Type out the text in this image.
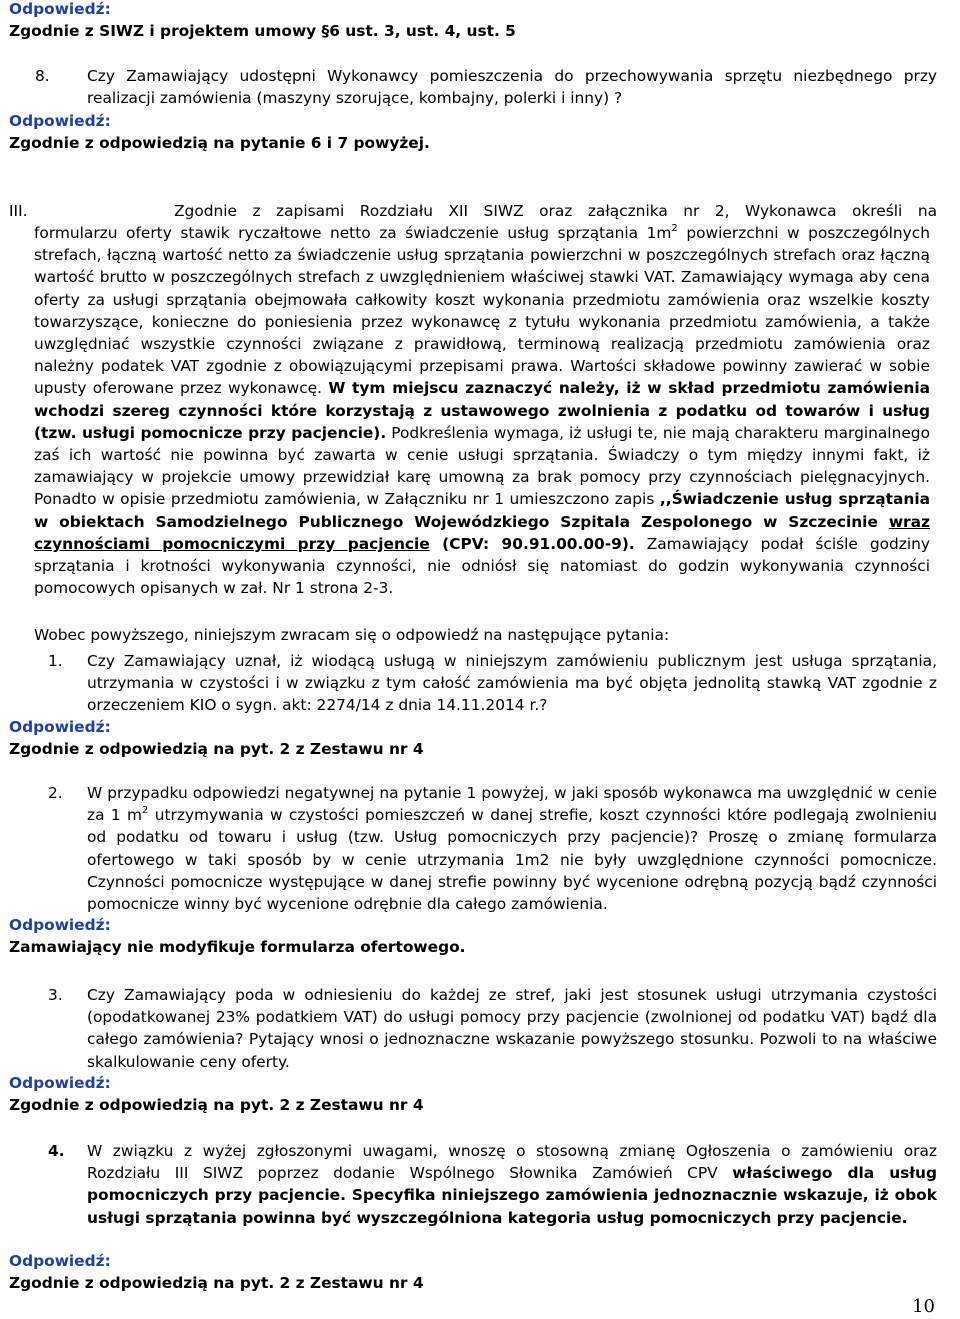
Odpowiedź:
Zgodnie z SIWZ i projektem umowy §6 ust. 3, ust. 4, ust. 5
8. Czy Zamawiający udostępni Wykonawcy pomieszczenia do przechowywania sprzętu niezbędnego przy realizacji zamówienia (maszyny szorujące, kombajny, polerki i inny) ?
Odpowiedź:
Zgodnie z odpowiedzią na pytanie 6 i 7 powyżej.
III.	Zgodnie z zapisami Rozdziału XII SIWZ oraz załącznika nr 2, Wykonawca określi na
formularzu oferty stawik ryczałtowe netto za świadczenie usług sprzątania $1m^2$ powierzchni w poszczególnych strefach, łączną wartość netto za świadczenie usług sprzątania powierzchni w poszczególnych strefach oraz łączną wartość brutto w poszczególnych strefach z uwzględnieniem właściwej stawki VAT. Zamawiający wymaga aby cena oferty za usługi sprzątania obejmowała całkowity koszt wykonania przedmiotu zamówienia oraz wszelkie koszty towarzyszące, konieczne do poniesienia przez wykonawcę z tytułu wykonania przedmiotu zamówienia, a także uwzględniać wszystkie czynności związane z prawidłową, terminową realizacją przedmiotu zamówienia oraz należny podatek VAT zgodnie z obowiązującymi przepisami prawa. Wartości składowe powinny zawierać w sobie upusty oferowane przez wykonawcę. W tym miejscu zaznaczyć należy, iż w skład przedmiotu zamówienia wchodzi szereg czynności które korzystają z ustawowego zwolnienia z podatku od towarów i usług (tzw. usługi pomocnicze przy pacjencie). Podkreślenia wymaga, iż usługi te, nie mają charakteru marginalnego zaś ich wartość nie powinna być zawarta w cenie usługi sprzątania. Świadczy o tym między innymi fakt, iż zamawiający w projekcie umowy przewidział karę umowną za brak pomocy przy czynnościach pielęgnacyjnych. Ponadto w opisie przedmiotu zamówienia, w Załączniku nr 1 umieszczono zapis ,,Świadczenie usług sprzątania w obiektach Samodzielnego Publicznego Wojewódzkiego Szpitala Zespolonego w Szczecinie wraz czynnościami pomocniczymi przy pacjencie (CPV: 90.91.00.00-9). Zamawiający podał ściśle godziny sprzątania i krotności wykonywania czynności, nie odniósł się natomiast do godzin wykonywania czynności pomocowych opisanych w zał. Nr 1 strona 2-3.
Wobec powyższego, niniejszym zwracam się o odpowiedź na następujące pytania:
1. Czy Zamawiający uznał, iż wiodącą usługą w niniejszym zamówieniu publicznym jest usługa sprzątania, utrzymania w czystości i w związku z tym całość zamówienia ma być objęta jednolitą stawką VAT zgodnie z orzeczeniem KIO o sygn. akt: 2274/14 z dnia 14.11.2014 r.?
Odpowiedź:
Zgodnie z odpowiedzią na pyt. 2 z Zestawu nr 4
2. W przypadku odpowiedzi negatywnej na pytanie 1 powyżej, w jaki sposób wykonawca ma uwzględnić w cenie za 1 $m^2$ utrzymywania w czystości pomieszczeń w danej strefie, koszt czynności które podlegają zwolnieniu od podatku od towaru i usług (tzw. Usług pomocniczych przy pacjencie)? Proszę o zmianę formularza ofertowego w taki sposób by w cenie utrzymania 1m2 nie były uwzględnione czynności pomocnicze. Czynności pomocnicze występujące w danej strefie powinny być wycenione odrębną pozycją bądź czynności pomocnicze winny być wycenione odrębnie dla całego zamówienia.
Odpowiedź:
Zamawiający nie modyfikuje formularza ofertowego.
3. Czy Zamawiający poda w odniesieniu do każdej ze stref, jaki jest stosunek usługi utrzymania czystości (opodatkowanej 23% podatkiem VAT) do usługi pomocy przy pacjencie (zwolnionej od podatku VAT) bądź dla całego zamówienia? Pytający wnosi o jednoznaczne wskazanie powyższego stosunku. Pozwoli to na właściwe skalkulowanie ceny oferty.
Odpowiedź:
Zgodnie z odpowiedzią na pyt. 2 z Zestawu nr 4
4. W związku z wyżej zgłoszonymi uwagami, wnoszę o stosowną zmianę Ogłoszenia o zamówieniu oraz Rozdziału III SIWZ poprzez dodanie Wspólnego Słownika Zamówień CPV właściwego dla usług pomocniczych przy pacjencie. Specyfika niniejszego zamówienia jednoznacznie wskazuje, iż obok usługi sprzątania powinna być wyszczególniona kategoria usług pomocniczych przy pacjencie.
Odpowiedź:
Zgodnie z odpowiedzią na pyt. 2 z Zestawu nr 4
10
